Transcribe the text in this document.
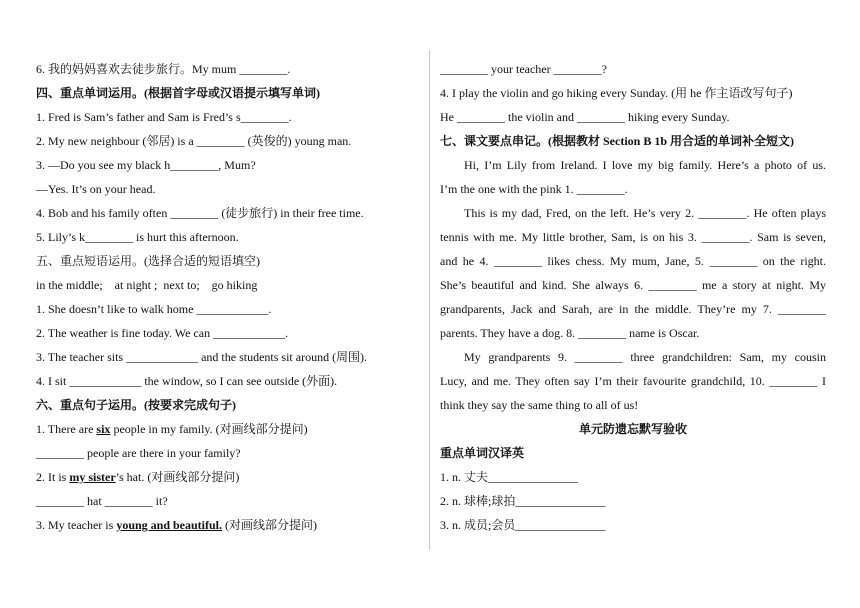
6. 我的妈妈喜欢去徒步旅行。My mum ________.
四、重点单词运用。(根据首字母或汉语提示填写单词)
1. Fred is Sam’s father and Sam is Fred’s s________.
2. My new neighbour (邻居) is a ________ (英俊的) young man.
3. —Do you see my black h________, Mum?
—Yes. It’s on your head.
4. Bob and his family often ________ (徒步旅行) in their free time.
5. Lily’s k________ is hurt this afternoon.
五、重点短语运用。(选择合适的短语填空)
in the middle;    at night ;  next to;    go hiking
1. She doesn’t like to walk home ____________.
2. The weather is fine today. We can ____________.
3. The teacher sits ____________ and the students sit around (周围).
4. I sit ____________ the window, so I can see outside (外面).
六、重点句子运用。(按要求完成句子)
1. There are six people in my family. (对画线部分提问)
________ people are there in your family?
2. It is my sister’s hat. (对画线部分提问)
________ hat ________ it?
3. My teacher is young and beautiful. (对画线部分提问)
________ your teacher ________?
4. I play the violin and go hiking every Sunday. (用 he 作主语改写句子)
He ________ the violin and ________ hiking every Sunday.
七、课文要点串记。(根据教材 Section B 1b 用合适的单词补全短文)
Hi, I’m Lily from Ireland. I love my big family. Here’s a photo of us.
I’m the one with the pink 1. ________.
This is my dad, Fred, on the left. He’s very 2. ________. He often plays
tennis with me. My little brother, Sam, is on his 3. ________. Sam is seven,
and he 4. ________ likes chess. My mum, Jane, 5. ________ on the right.
She’s beautiful and kind. She always 6. ________ me a story at night. My
grandparents, Jack and Sarah, are in the middle. They’re my 7. ________
parents. They have a dog. 8. ________ name is Oscar.
My grandparents 9. ________ three grandchildren: Sam, my cousin
Lucy, and me. They often say I’m their favourite grandchild, 10. ________ I
think they say the same thing to all of us!
单元防遗忘默写验收
重点单词汉译英
1. n. 丈夫_______________
2. n. 球棒;球拍_______________
3. n. 成员;会员_______________
